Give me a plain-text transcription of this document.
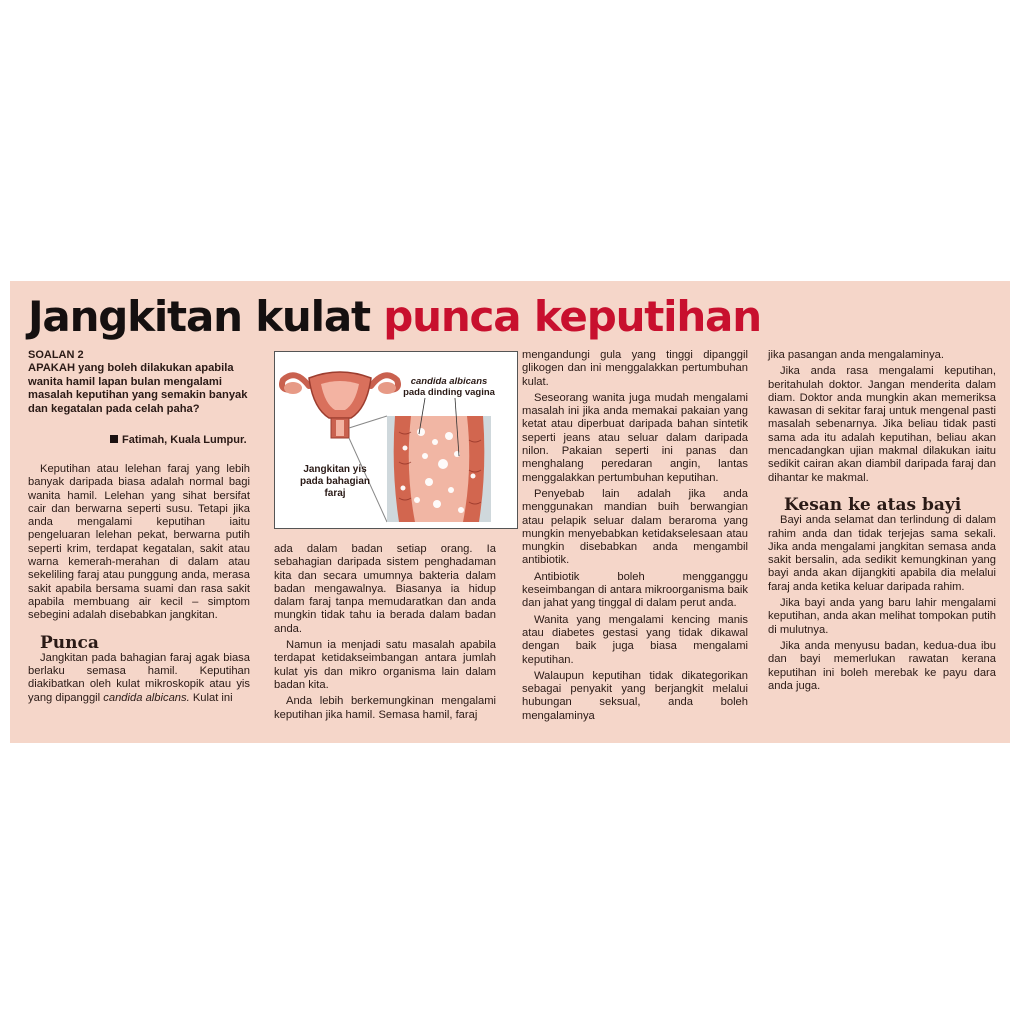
Jangkitan kulat punca keputihan
SOALAN 2
APAKAH yang boleh dilakukan apabila wanita hamil lapan bulan mengalami masalah keputihan yang semakin banyak dan kegatalan pada celah paha?
Fatimah, Kuala Lumpur.

Keputihan atau lelehan faraj yang lebih banyak daripada biasa adalah normal bagi wanita hamil. Lelehan yang sihat bersifat cair dan berwarna seperti susu. Tetapi jika anda mengalami keputihan iaitu pengeluaran lelehan pekat, berwarna putih seperti krim, terdapat kegatalan, sakit atau warna kemerah-merahan di dalam atau sekeliling faraj atau punggung anda, merasa sakit apabila bersama suami dan rasa sakit apabila membuang air kecil – simptom sebegini adalah disebabkan jangkitan.

Punca

Jangkitan pada bahagian faraj agak biasa berlaku semasa hamil. Keputihan diakibatkan oleh kulat mikroskopik atau yis yang dipanggil candida albicans. Kulat ini

candida albicans
pada dinding vagina
Jangkitan yis pada bahagian faraj

ada dalam badan setiap orang. Ia sebahagian daripada sistem penghadaman kita dan secara umumnya bakteria dalam badan mengawalnya. Biasanya ia hidup dalam faraj tanpa memudaratkan dan anda mungkin tidak tahu ia berada dalam badan anda.

Namun ia menjadi satu masalah apabila terdapat ketidakseimbangan antara jumlah kulat yis dan mikro organisma lain dalam badan kita.

Anda lebih berkemungkinan mengalami keputihan jika hamil. Semasa hamil, faraj

mengandungi gula yang tinggi dipanggil glikogen dan ini menggalakkan pertumbuhan kulat.

Seseorang wanita juga mudah mengalami masalah ini jika anda memakai pakaian yang ketat atau diperbuat daripada bahan sintetik seperti jeans atau seluar dalam daripada nilon. Pakaian seperti ini panas dan menghalang peredaran angin, lantas menggalakkan pertumbuhan keputihan.

Penyebab lain adalah jika anda menggunakan mandian buih berwangian atau pelapik seluar dalam beraroma yang mungkin menyebabkan ketidakselesaan atau mungkin disebabkan anda mengambil antibiotik.

Antibiotik boleh mengganggu keseimbangan di antara mikroorganisma baik dan jahat yang tinggal di dalam perut anda.

Wanita yang mengalami kencing manis atau diabetes gestasi yang tidak dikawal dengan baik juga biasa mengalami keputihan.

Walaupun keputihan tidak dikategorikan sebagai penyakit yang berjangkit melalui hubungan seksual, anda boleh mengalaminya

jika pasangan anda mengalaminya.

Jika anda rasa mengalami keputihan, beritahulah doktor. Jangan menderita dalam diam. Doktor anda mungkin akan memeriksa kawasan di sekitar faraj untuk mengenal pasti masalah sebenarnya. Jika beliau tidak pasti sama ada itu adalah keputihan, beliau akan mencadangkan ujian makmal dilakukan iaitu sedikit cairan akan diambil daripada faraj dan dihantar ke makmal.

Kesan ke atas bayi

Bayi anda selamat dan terlindung di dalam rahim anda dan tidak terjejas sama sekali. Jika anda mengalami jangkitan semasa anda sakit bersalin, ada sedikit kemungkinan yang bayi anda akan dijangkiti apabila dia melalui faraj anda ketika keluar daripada rahim.

Jika bayi anda yang baru lahir mengalami keputihan, anda akan melihat tompokan putih di mulutnya.

Jika anda menyusu badan, kedua-dua ibu dan bayi memerlukan rawatan kerana keputihan ini boleh merebak ke payu dara anda juga.
